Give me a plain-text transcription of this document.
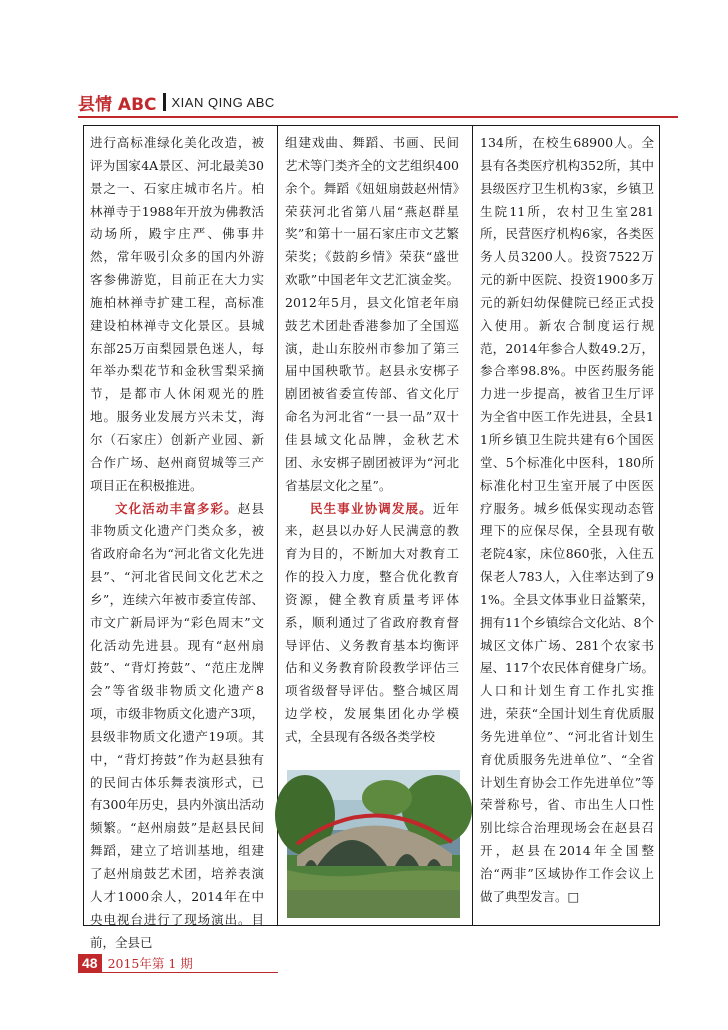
县情 ABC XIAN QING ABC

进行高标准绿化美化改造，被评为国家4A景区、河北最美30景之一、石家庄城市名片。柏林禅寺于1988年开放为佛教活动场所，殿宇庄严、佛事井然，常年吸引众多的国内外游客参佛游览，目前正在大力实施柏林禅寺扩建工程，高标准建设柏林禅寺文化景区。县城东部25万亩梨园景色迷人，每年举办梨花节和金秋雪梨采摘节，是都市人休闲观光的胜地。服务业发展方兴未艾，海尔（石家庄）创新产业园、新合作广场、赵州商贸城等三产项目正在积极推进。

文化活动丰富多彩。赵县非物质文化遗产门类众多，被省政府命名为“河北省文化先进县”、“河北省民间文化艺术之乡”，连续六年被市委宣传部、市文广新局评为“彩色周末”文化活动先进县。现有“赵州扇鼓”、“背灯挎鼓”、“范庄龙牌会”等省级非物质文化遗产8项，市级非物质文化遗产3项，县级非物质文化遗产19项。其中，“背灯挎鼓”作为赵县独有的民间古体乐舞表演形式，已有300年历史，县内外演出活动频繁。“赵州扇鼓”是赵县民间舞蹈，建立了培训基地，组建了赵州扇鼓艺术团，培养表演人才1000余人，2014年在中央电视台进行了现场演出。目前，全县已

组建戏曲、舞蹈、书画、民间艺术等门类齐全的文艺组织400余个。舞蹈《妞妞扇鼓赵州情》荣获河北省第八届“燕赵群星奖”和第十一届石家庄市文艺繁荣奖；《鼓韵乡情》荣获“盛世欢歌”中国老年文艺汇演金奖。2012年5月，县文化馆老年扇鼓艺术团赴香港参加了全国巡演，赴山东胶州市参加了第三届中国秧歌节。赵县永安梆子剧团被省委宣传部、省文化厅命名为河北省“一县一品”双十佳县域文化品牌，金秋艺术团、永安梆子剧团被评为“河北省基层文化之星”。

民生事业协调发展。近年来，赵县以办好人民满意的教育为目的，不断加大对教育工作的投入力度，整合优化教育资源，健全教育质量考评体系，顺利通过了省政府教育督导评估、义务教育基本均衡评估和义务教育阶段教学评估三项省级督导评估。整合城区周边学校，发展集团化办学模式，全县现有各级各类学校

134所，在校生68900人。全县有各类医疗机构352所，其中县级医疗卫生机构3家，乡镇卫生院11所，农村卫生室281所，民营医疗机构6家，各类医务人员3200人。投资7522万元的新中医院、投资1900多万元的新妇幼保健院已经正式投入使用。新农合制度运行规范，2014年参合人数49.2万，参合率98.8%。中医药服务能力进一步提高，被省卫生厅评为全省中医工作先进县，全县11所乡镇卫生院共建有6个国医堂、5个标准化中医科，180所标准化村卫生室开展了中医医疗服务。城乡低保实现动态管理下的应保尽保，全县现有敬老院4家，床位860张，入住五保老人783人，入住率达到了91%。全县文体事业日益繁荣，拥有11个乡镇综合文化站、8个城区文体广场、281个农家书屋、117个农民体育健身广场。人口和计划生育工作扎实推进，荣获“全国计划生育优质服务先进单位”、“河北省计划生育优质服务先进单位”、“全省计划生育协会工作先进单位”等荣誉称号，省、市出生人口性别比综合治理现场会在赵县召开，赵县在2014年全国整治“两非”区域协作工作会议上做了典型发言。□

48 2015年第 1 期
